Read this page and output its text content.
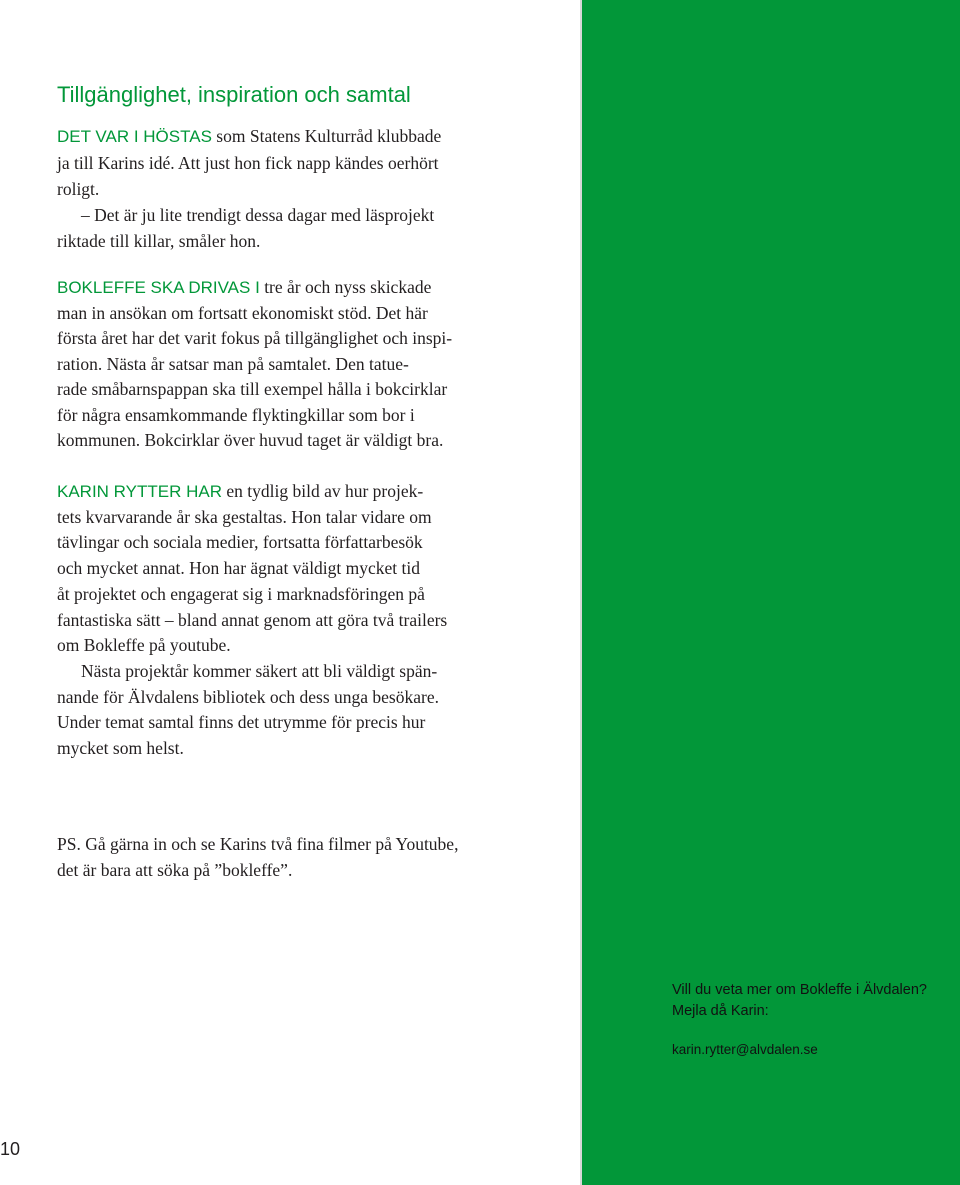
Tillgänglighet, inspiration och samtal

DET VAR I HÖSTAS som Statens Kulturråd klubbade
ja till Karins idé. Att just hon fick napp kändes oerhört
roligt.
– Det är ju lite trendigt dessa dagar med läsprojekt
riktade till killar, småler hon.

BOKLEFFE SKA DRIVAS I tre år och nyss skickade
man in ansökan om fortsatt ekonomiskt stöd. Det här
första året har det varit fokus på tillgänglighet och inspi-
ration. Nästa år satsar man på samtalet. Den tatue-
rade småbarnspappan ska till exempel hålla i bokcirklar
för några ensamkommande flyktingkillar som bor i
kommunen. Bokcirklar över huvud taget är väldigt bra.

KARIN RYTTER HAR en tydlig bild av hur projek-
tets kvarvarande år ska gestaltas. Hon talar vidare om
tävlingar och sociala medier, fortsatta författarbesök
och mycket annat. Hon har ägnat väldigt mycket tid
åt projektet och engagerat sig i marknadsföringen på
fantastiska sätt – bland annat genom att göra två trailers
om Bokleffe på youtube.
Nästa projektår kommer säkert att bli väldigt spän-
nande för Älvdalens bibliotek och dess unga besökare.
Under temat samtal finns det utrymme för precis hur
mycket som helst.

PS. Gå gärna in och se Karins två fina filmer på Youtube,
det är bara att söka på ”bokleffe”.

10

Vill du veta mer om Bokleffe i Älvdalen?
Mejla då Karin:

karin.rytter@alvdalen.se
